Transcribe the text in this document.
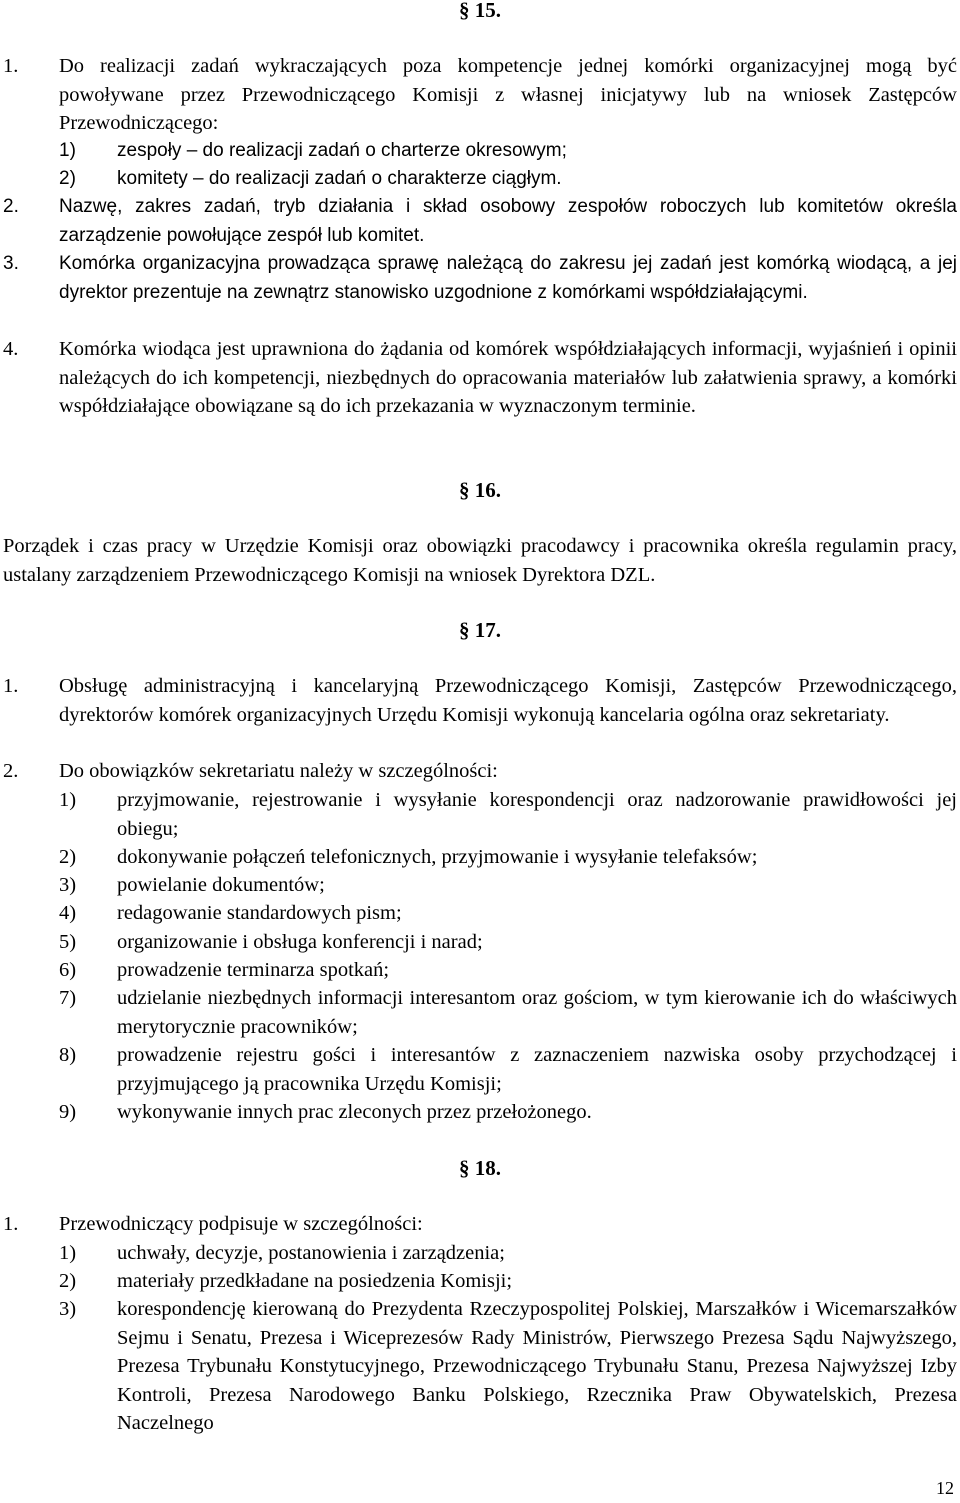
§ 15.
1. Do realizacji zadań wykraczających poza kompetencje jednej komórki organizacyjnej mogą być powoływane przez Przewodniczącego Komisji z własnej inicjatywy lub na wniosek Zastępców Przewodniczącego:
1) zespoły – do realizacji zadań o charterze okresowym;
2) komitety – do realizacji zadań o charakterze ciągłym.
2. Nazwę, zakres zadań, tryb działania i skład osobowy zespołów roboczych lub komitetów określa zarządzenie powołujące zespół lub komitet.
3. Komórka organizacyjna prowadząca sprawę należącą do zakresu jej zadań jest komórką wiodącą, a jej dyrektor prezentuje na zewnątrz stanowisko uzgodnione z komórkami współdziałającymi.
4. Komórka wiodąca jest uprawniona do żądania od komórek współdziałających informacji, wyjaśnień i opinii należących do ich kompetencji, niezbędnych do opracowania materiałów lub załatwienia sprawy, a komórki współdziałające obowiązane są do ich przekazania w wyznaczonym terminie.
§ 16.
Porządek i czas pracy w Urzędzie Komisji oraz obowiązki pracodawcy i pracownika określa regulamin pracy, ustalany zarządzeniem Przewodniczącego Komisji na wniosek Dyrektora DZL.
§ 17.
1. Obsługę administracyjną i kancelaryjną Przewodniczącego Komisji, Zastępców Przewodniczącego, dyrektorów komórek organizacyjnych Urzędu Komisji wykonują kancelaria ogólna oraz sekretariaty.
2. Do obowiązków sekretariatu należy w szczególności:
1) przyjmowanie, rejestrowanie i wysyłanie korespondencji oraz nadzorowanie prawidłowości jej obiegu;
2) dokonywanie połączeń telefonicznych, przyjmowanie i wysyłanie telefaksów;
3) powielanie dokumentów;
4) redagowanie standardowych pism;
5) organizowanie i obsługa konferencji i narad;
6) prowadzenie terminarza spotkań;
7) udzielanie niezbędnych informacji interesantom oraz gościom, w tym kierowanie ich do właściwych merytorycznie pracowników;
8) prowadzenie rejestru gości i interesantów z zaznaczeniem nazwiska osoby przychodzącej i przyjmującego ją pracownika Urzędu Komisji;
9) wykonywanie innych prac zleconych przez przełożonego.
§ 18.
1. Przewodniczący podpisuje w szczególności:
1) uchwały, decyzje, postanowienia i zarządzenia;
2) materiały przedkładane na posiedzenia Komisji;
3) korespondencję kierowaną do Prezydenta Rzeczypospolitej Polskiej, Marszałków i Wicemarszałków Sejmu i Senatu, Prezesa i Wiceprezesów Rady Ministrów, Pierwszego Prezesa Sądu Najwyższego, Prezesa Trybunału Konstytucyjnego, Przewodniczącego Trybunału Stanu, Prezesa Najwyższej Izby Kontroli, Prezesa Narodowego Banku Polskiego, Rzecznika Praw Obywatelskich, Prezesa Naczelnego
12
